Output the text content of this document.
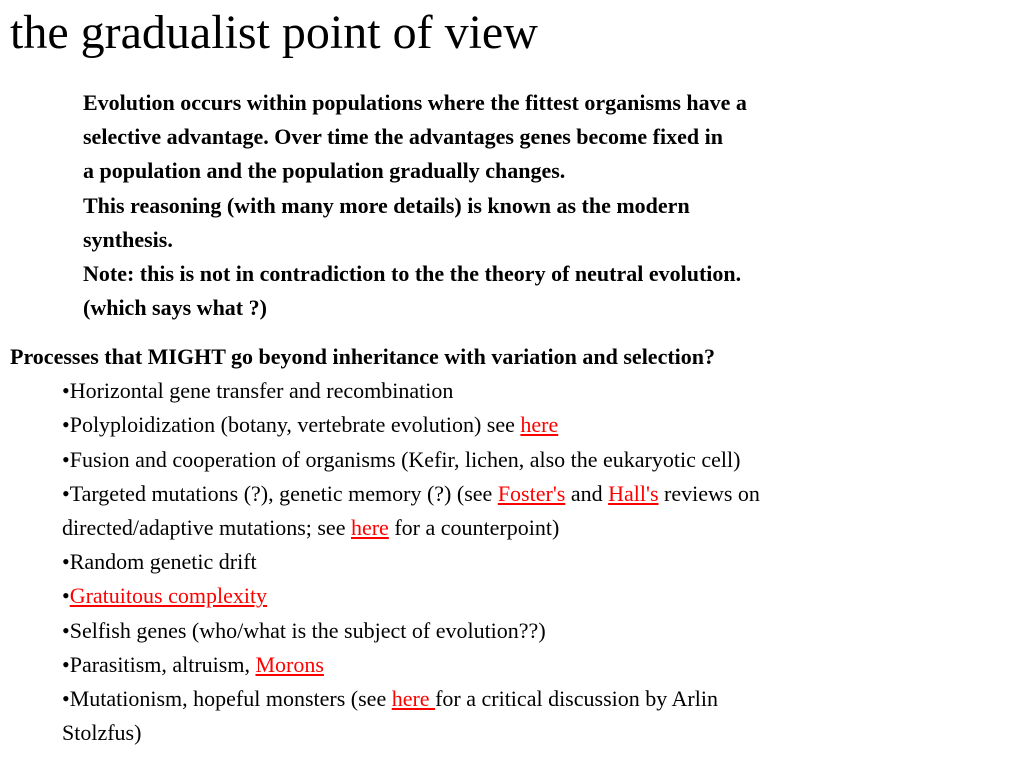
the gradualist point of view
Evolution occurs within populations where the fittest organisms have a
selective advantage. Over time the advantages genes become fixed in
a population and the population gradually changes.
This reasoning (with many more details) is known as the modern
synthesis.
Note: this is not in contradiction to the the theory of neutral evolution.
(which says what ?)
Processes that MIGHT go beyond inheritance with variation and selection?
•Horizontal gene transfer and recombination
•Polyploidization (botany, vertebrate evolution) see here
•Fusion and cooperation of organisms (Kefir, lichen, also the eukaryotic cell)
•Targeted mutations (?), genetic memory (?) (see Foster's and Hall's reviews on
directed/adaptive mutations; see here for a counterpoint)
•Random genetic drift
•Gratuitous complexity
•Selfish genes (who/what is the subject of evolution??)
•Parasitism, altruism, Morons
•Mutationism, hopeful monsters (see here for a critical discussion by Arlin
Stolzfus)
